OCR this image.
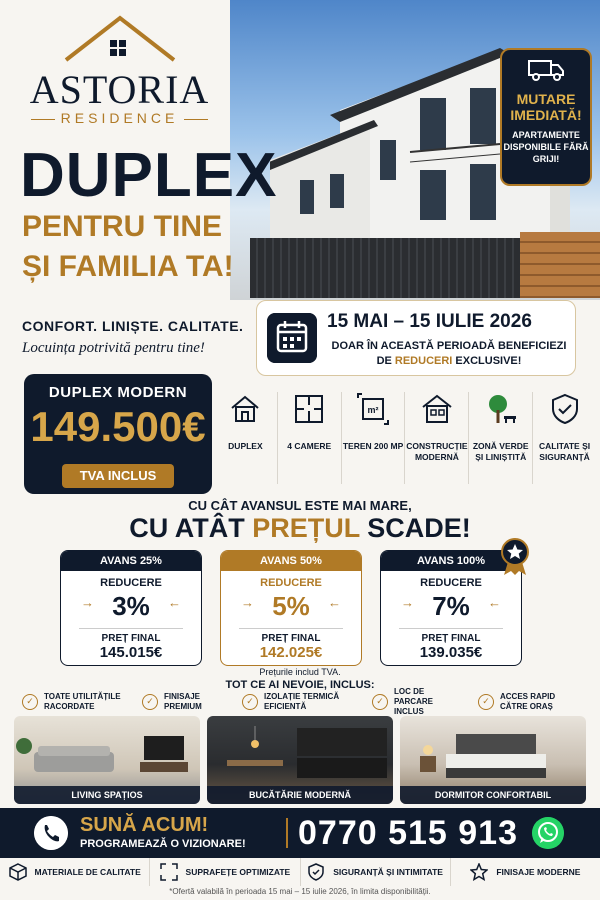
ASTORIA
RESIDENCE
DUPLEX
PENTRU TINE
ȘI FAMILIA TA!
MUTARE IMEDIATĂ!
APARTAMENTE DISPONIBILE FĂRĂ GRIJI!
CONFORT. LINIȘTE. CALITATE.
Locuința potrivită pentru tine!
15 MAI – 15 IULIE 2026
DOAR ÎN ACEASTĂ PERIOADĂ BENEFICIEZI
DE REDUCERI EXCLUSIVE!
DUPLEX MODERN
149.500€
TVA INCLUS
DUPLEX	4 CAMERE
m²
TEREN 200 MP CONSTRUCȚIE MODERNĂ
ZONĂ VERDE ȘI LINIȘTITĂ
CALITATE ȘI SIGURANȚĂ
CU CÂT AVANSUL ESTE MAI MARE,
CU ATÂT PREȚUL SCADE!
AVANS 25%
REDUCERE
→	←
3%
PREȚ FINAL
145.015€
AVANS 50%
REDUCERE
→	←
5%
PREȚ FINAL
142.025€
AVANS 100%
REDUCERE
→	←
7%
PREȚ FINAL
139.035€
Prețurile includ TVA.
TOT CE AI NEVOIE, INCLUS:
✓	TOATE UTILITĂȚILE RACORDATE
✓	FINISAJE PREMIUM
✓	IZOLAȚIE TERMICĂ EFICIENTĂ
✓
LOC DE PARCARE INCLUS
✓	ACCES RAPID CĂTRE ORAȘ
LIVING SPAȚIOS	BUCĂTĂRIE MODERNĂ	DORMITOR CONFORTABIL
SUNĂ ACUM!
PROGRAMEAZĂ O VIZIONARE! 0770 515 913
MATERIALE DE CALITATE	SUPRAFEȚE OPTIMIZATE	SIGURANȚĂ ȘI INTIMITATE	FINISAJE MODERNE
*Ofertă valabilă în perioada 15 mai – 15 iulie 2026, în limita disponibilității.
